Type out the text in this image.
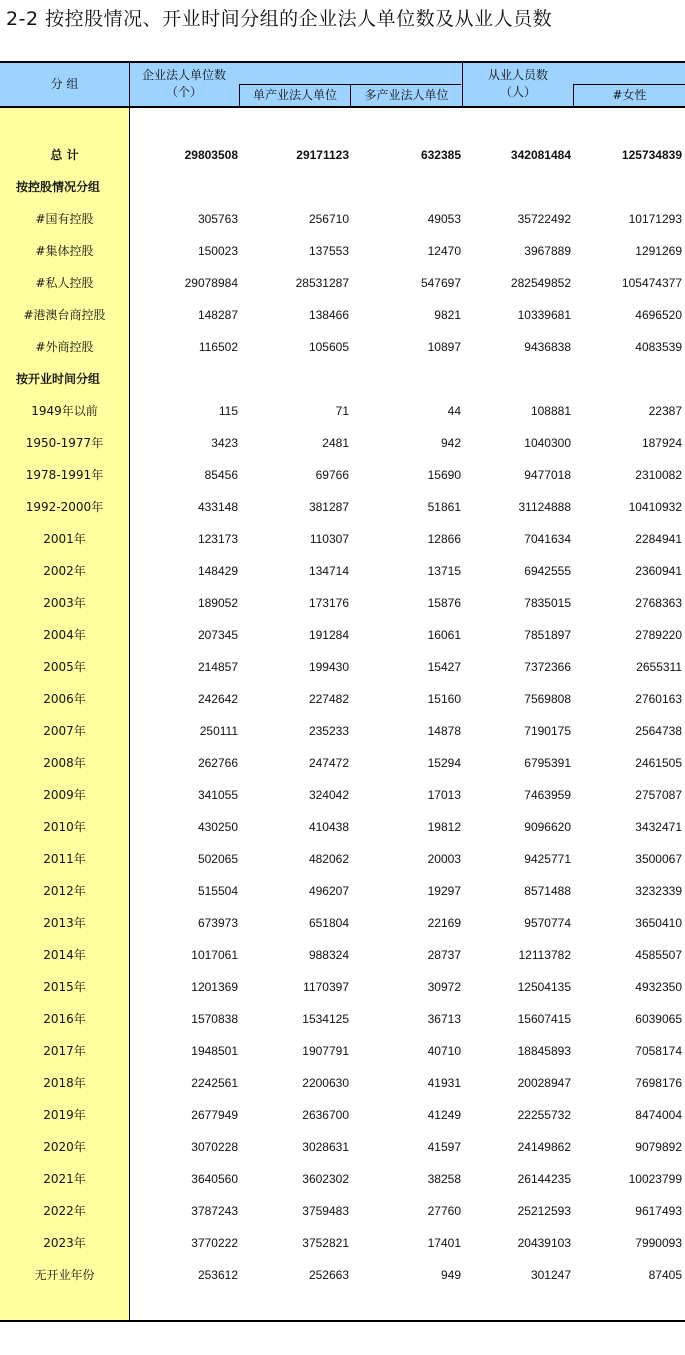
2-2 按控股情况、开业时间分组的企业法人单位数及从业人员数
分 组
企业法人单位数
（个）	单产业法人单位	多产业法人单位
从业人员数
（人）	#女性
总 计	29803508	29171123	632385	342081484	125734839
按控股情况分组
#国有控股	305763	256710	49053	35722492	10171293
#集体控股	150023	137553	12470	3967889	1291269
#私人控股	29078984	28531287	547697	282549852	105474377
#港澳台商控股	148287	138466	9821	10339681	4696520
#外商控股	116502	105605	10897	9436838	4083539
按开业时间分组
1949年以前	115	71	44	108881	22387
1950-1977年	3423	2481	942	1040300	187924
1978-1991年	85456	69766	15690	9477018	2310082
1992-2000年	433148	381287	51861	31124888	10410932
2001年	123173	110307	12866	7041634	2284941
2002年	148429	134714	13715	6942555	2360941
2003年	189052	173176	15876	7835015	2768363
2004年	207345	191284	16061	7851897	2789220
2005年	214857	199430	15427	7372366	2655311
2006年	242642	227482	15160	7569808	2760163
2007年	250111	235233	14878	7190175	2564738
2008年	262766	247472	15294	6795391	2461505
2009年	341055	324042	17013	7463959	2757087
2010年	430250	410438	19812	9096620	3432471
2011年	502065	482062	20003	9425771	3500067
2012年	515504	496207	19297	8571488	3232339
2013年	673973	651804	22169	9570774	3650410
2014年	1017061	988324	28737	12113782	4585507
2015年	1201369	1170397	30972	12504135	4932350
2016年	1570838	1534125	36713	15607415	6039065
2017年	1948501	1907791	40710	18845893	7058174
2018年	2242561	2200630	41931	20028947	7698176
2019年	2677949	2636700	41249	22255732	8474004
2020年	3070228	3028631	41597	24149862	9079892
2021年	3640560	3602302	38258	26144235	10023799
2022年	3787243	3759483	27760	25212593	9617493
2023年	3770222	3752821	17401	20439103	7990093
无开业年份	253612	252663	949	301247	87405
